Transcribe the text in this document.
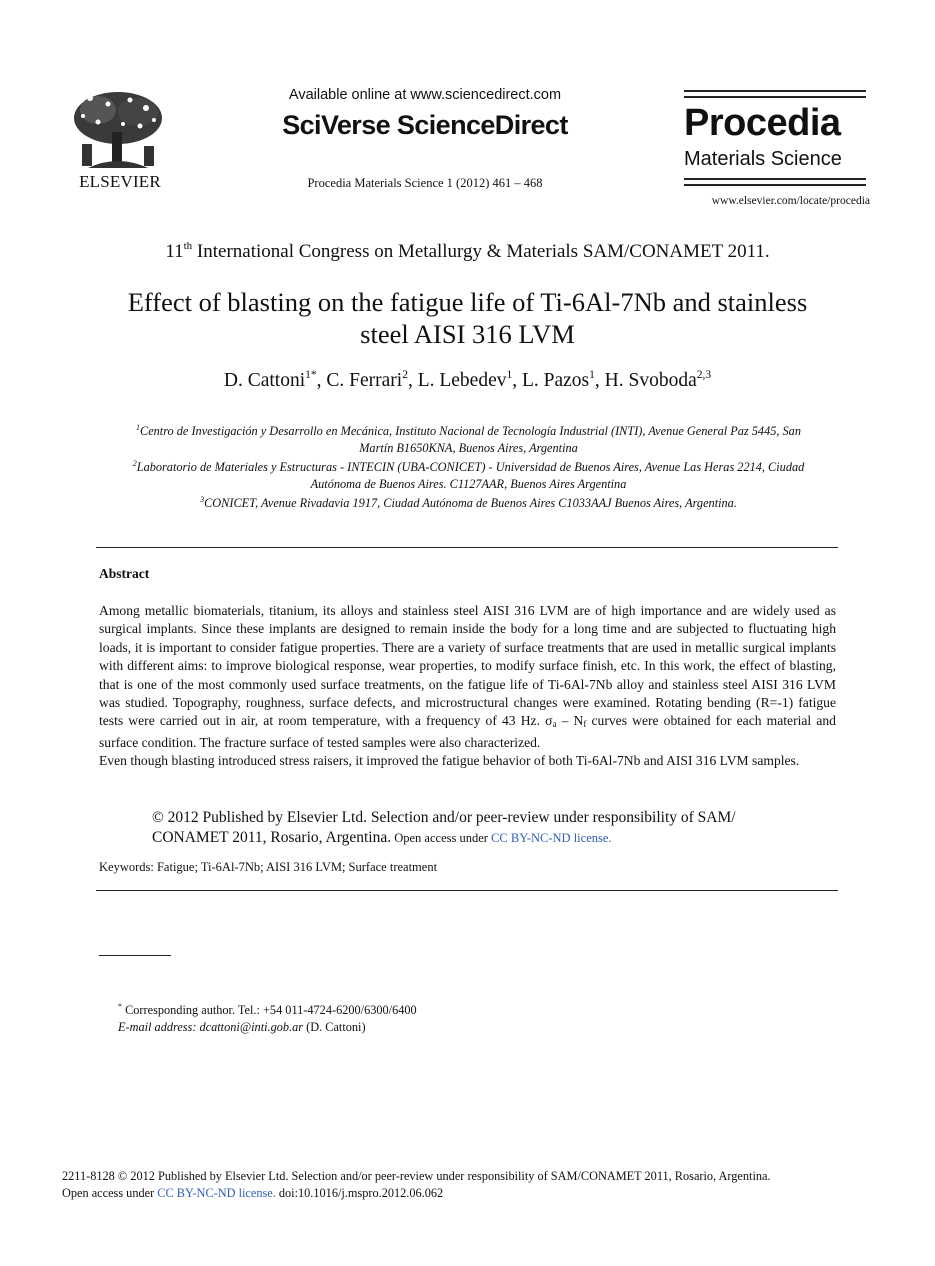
ELSEVIER
Available online at www.sciencedirect.com
SciVerse ScienceDirect
Procedia Materials Science 1 (2012) 461 – 468
Procedia
Materials Science
www.elsevier.com/locate/procedia
11th International Congress on Metallurgy & Materials SAM/CONAMET 2011.
Effect of blasting on the fatigue life of Ti-6Al-7Nb and stainless
steel AISI 316 LVM
D. Cattoni$^{1*}$, C. Ferrari$^2$, L. Lebedev$^1$, L. Pazos$^1$, H. Svoboda$^{2,3}$
$^1$Centro de Investigación y Desarrollo en Mecánica, Instituto Nacional de Tecnología Industrial (INTI), Avenue General Paz 5445, San
Martín B1650KNA, Buenos Aires, Argentina
$^2$Laboratorio de Materiales y Estructuras - INTECIN (UBA-CONICET) - Universidad de Buenos Aires, Avenue Las Heras 2214, Ciudad
Autónoma de Buenos Aires. C1127AAR, Buenos Aires Argentina
$^3$CONICET, Avenue Rivadavia 1917, Ciudad Autónoma de Buenos Aires C1033AAJ Buenos Aires, Argentina.
Abstract

Among metallic biomaterials, titanium, its alloys and stainless steel AISI 316 LVM are of high importance and are widely used as surgical implants. Since these implants are designed to remain inside the body for a long time and are subjected to fluctuating high loads, it is important to consider fatigue properties. There are a variety of surface treatments that are used in metallic surgical implants with different aims: to improve biological response, wear properties, to modify surface finish, etc. In this work, the effect of blasting, that is one of the most commonly used surface treatments, on the fatigue life of Ti-6Al-7Nb alloy and stainless steel AISI 316 LVM was studied. Topography, roughness, surface defects, and microstructural changes were examined. Rotating bending (R=-1) fatigue tests were carried out in air, at room temperature, with a frequency of 43 Hz. $\sigma_a - N_f$ curves were obtained for each material and surface condition. The fracture surface of tested samples were also characterized.

Even though blasting introduced stress raisers, it improved the fatigue behavior of both Ti-6Al-7Nb and AISI 316 LVM samples.

© 2012 Published by Elsevier Ltd. Selection and/or peer-review under responsibility of SAM/
CONAMET 2011, Rosario, Argentina. Open access under CC BY-NC-ND license.
Keywords: Fatigue; Ti-6Al-7Nb; AISI 316 LVM; Surface treatment
* Corresponding author. Tel.: +54 011-4724-6200/6300/6400
E-mail address: dcattoni@inti.gob.ar (D. Cattoni)
2211-8128 © 2012 Published by Elsevier Ltd. Selection and/or peer-review under responsibility of SAM/CONAMET 2011, Rosario, Argentina.
Open access under CC BY-NC-ND license. doi:10.1016/j.mspro.2012.06.062
